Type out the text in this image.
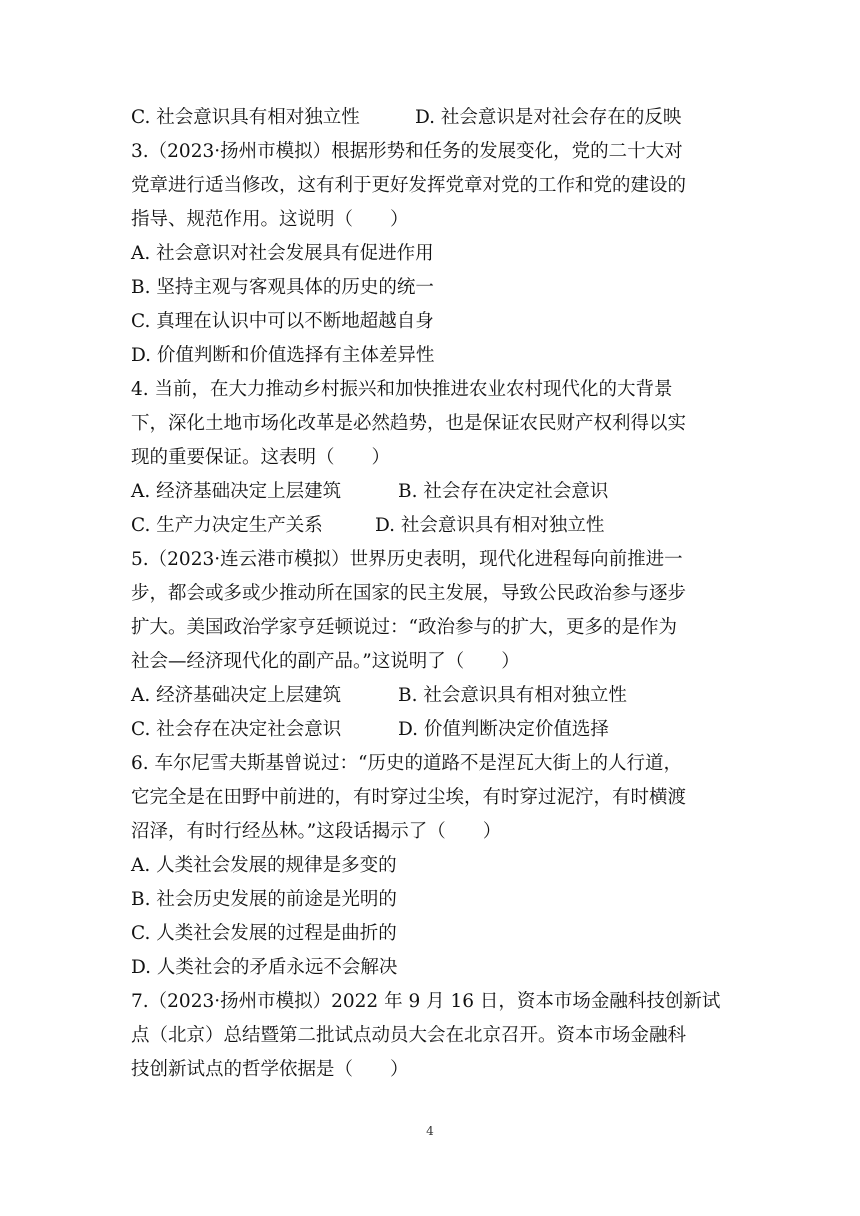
C. 社会意识具有相对独立性	D. 社会意识是对社会存在的反映
3.（2023·扬州市模拟）根据形势和任务的发展变化，党的二十大对
党章进行适当修改，这有利于更好发挥党章对党的工作和党的建设的
指导、规范作用。这说明（　　）
A. 社会意识对社会发展具有促进作用
B. 坚持主观与客观具体的历史的统一
C. 真理在认识中可以不断地超越自身
D. 价值判断和价值选择有主体差异性
4. 当前，在大力推动乡村振兴和加快推进农业农村现代化的大背景
下，深化土地市场化改革是必然趋势，也是保证农民财产权利得以实
现的重要保证。这表明（　　）
A. 经济基础决定上层建筑	B. 社会存在决定社会意识
C. 生产力决定生产关系	D. 社会意识具有相对独立性
5.（2023·连云港市模拟）世界历史表明，现代化进程每向前推进一
步，都会或多或少推动所在国家的民主发展，导致公民政治参与逐步
扩大。美国政治学家亨廷顿说过：“政治参与的扩大，更多的是作为
社会—经济现代化的副产品。”这说明了（　　）
A. 经济基础决定上层建筑	B. 社会意识具有相对独立性
C. 社会存在决定社会意识	D. 价值判断决定价值选择
6. 车尔尼雪夫斯基曾说过：“历史的道路不是涅瓦大街上的人行道，
它完全是在田野中前进的，有时穿过尘埃，有时穿过泥泞，有时横渡
沼泽，有时行经丛林。”这段话揭示了（　　）
A. 人类社会发展的规律是多变的
B. 社会历史发展的前途是光明的
C. 人类社会发展的过程是曲折的
D. 人类社会的矛盾永远不会解决
7.（2023·扬州市模拟）2022 年 9 月 16 日，资本市场金融科技创新试
点（北京）总结暨第二批试点动员大会在北京召开。资本市场金融科
技创新试点的哲学依据是（　　）
4
